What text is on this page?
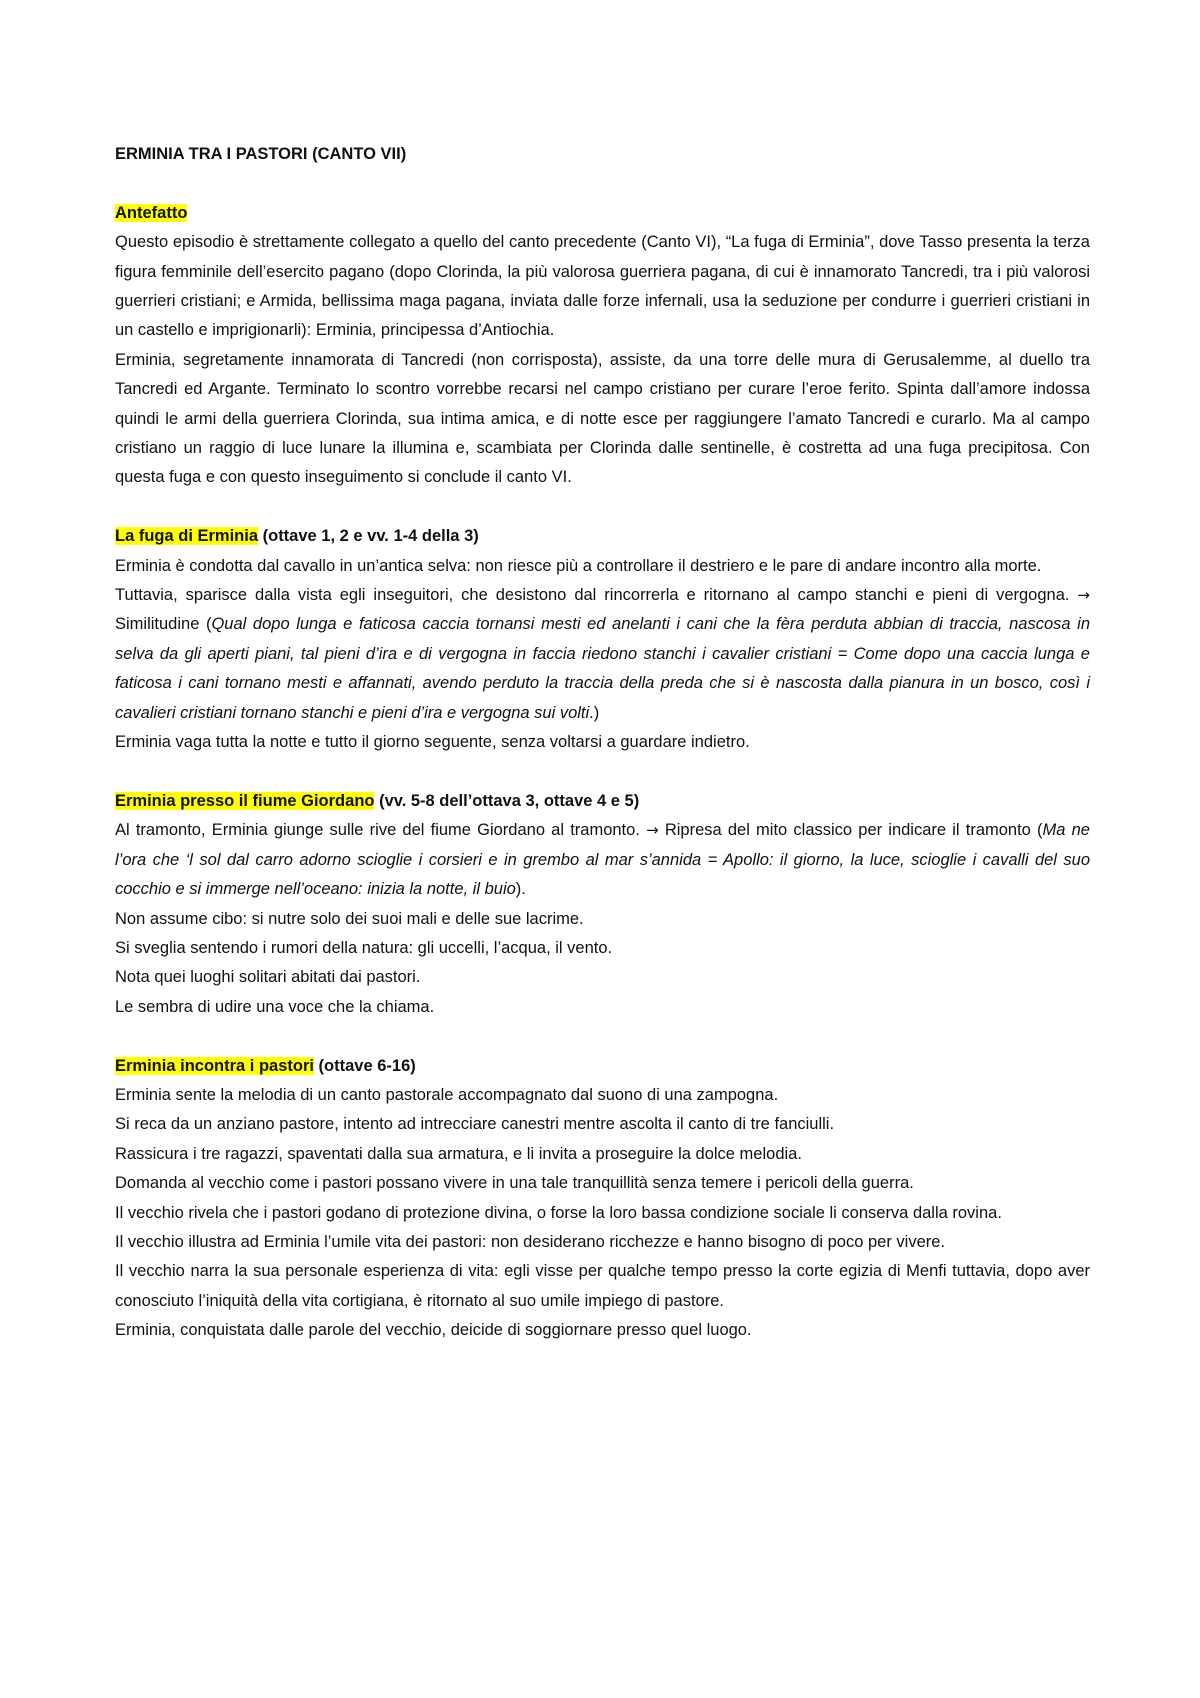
ERMINIA TRA I PASTORI (CANTO VII)

Antefatto

Questo episodio è strettamente collegato a quello del canto precedente (Canto VI), “La fuga di Erminia”, dove Tasso presenta la terza figura femminile dell’esercito pagano (dopo Clorinda, la più valorosa guerriera pagana, di cui è innamorato Tancredi, tra i più valorosi guerrieri cristiani; e Armida, bellissima maga pagana, inviata dalle forze infernali, usa la seduzione per condurre i guerrieri cristiani in un castello e imprigionarli): Erminia, principessa d’Antiochia.

Erminia, segretamente innamorata di Tancredi (non corrisposta), assiste, da una torre delle mura di Gerusalemme, al duello tra Tancredi ed Argante. Terminato lo scontro vorrebbe recarsi nel campo cristiano per curare l’eroe ferito. Spinta dall’amore indossa quindi le armi della guerriera Clorinda, sua intima amica, e di notte esce per raggiungere l’amato Tancredi e curarlo. Ma al campo cristiano un raggio di luce lunare la illumina e, scambiata per Clorinda dalle sentinelle, è costretta ad una fuga precipitosa. Con questa fuga e con questo inseguimento si conclude il canto VI.

La fuga di Erminia (ottave 1, 2 e vv. 1-4 della 3)

Erminia è condotta dal cavallo in un’antica selva: non riesce più a controllare il destriero e le pare di andare incontro alla morte.

Tuttavia, sparisce dalla vista egli inseguitori, che desistono dal rincorrerla e ritornano al campo stanchi e pieni di vergogna. → Similitudine (Qual dopo lunga e faticosa caccia tornansi mesti ed anelanti i cani che la fèra perduta abbian di traccia, nascosa in selva da gli aperti piani, tal pieni d’ira e di vergogna in faccia riedono stanchi i cavalier cristiani = Come dopo una caccia lunga e faticosa i cani tornano mesti e affannati, avendo perduto la traccia della preda che si è nascosta dalla pianura in un bosco, così i cavalieri cristiani tornano stanchi e pieni d’ira e vergogna sui volti.)

Erminia vaga tutta la notte e tutto il giorno seguente, senza voltarsi a guardare indietro.

Erminia presso il fiume Giordano (vv. 5-8 dell’ottava 3, ottave 4 e 5)

Al tramonto, Erminia giunge sulle rive del fiume Giordano al tramonto. → Ripresa del mito classico per indicare il tramonto (Ma ne l’ora che ‘l sol dal carro adorno scioglie i corsieri e in grembo al mar s’annida = Apollo: il giorno, la luce, scioglie i cavalli del suo cocchio e si immerge nell’oceano: inizia la notte, il buio).

Non assume cibo: si nutre solo dei suoi mali e delle sue lacrime.

Si sveglia sentendo i rumori della natura: gli uccelli, l’acqua, il vento.

Nota quei luoghi solitari abitati dai pastori.

Le sembra di udire una voce che la chiama.

Erminia incontra i pastori (ottave 6-16)

Erminia sente la melodia di un canto pastorale accompagnato dal suono di una zampogna.

Si reca da un anziano pastore, intento ad intrecciare canestri mentre ascolta il canto di tre fanciulli.

Rassicura i tre ragazzi, spaventati dalla sua armatura, e li invita a proseguire la dolce melodia.

Domanda al vecchio come i pastori possano vivere in una tale tranquillità senza temere i pericoli della guerra.

Il vecchio rivela che i pastori godano di protezione divina, o forse la loro bassa condizione sociale li conserva dalla rovina.

Il vecchio illustra ad Erminia l’umile vita dei pastori: non desiderano ricchezze e hanno bisogno di poco per vivere.

Il vecchio narra la sua personale esperienza di vita: egli visse per qualche tempo presso la corte egizia di Menfi tuttavia, dopo aver conosciuto l’iniquità della vita cortigiana, è ritornato al suo umile impiego di pastore.

Erminia, conquistata dalle parole del vecchio, deicide di soggiornare presso quel luogo.
